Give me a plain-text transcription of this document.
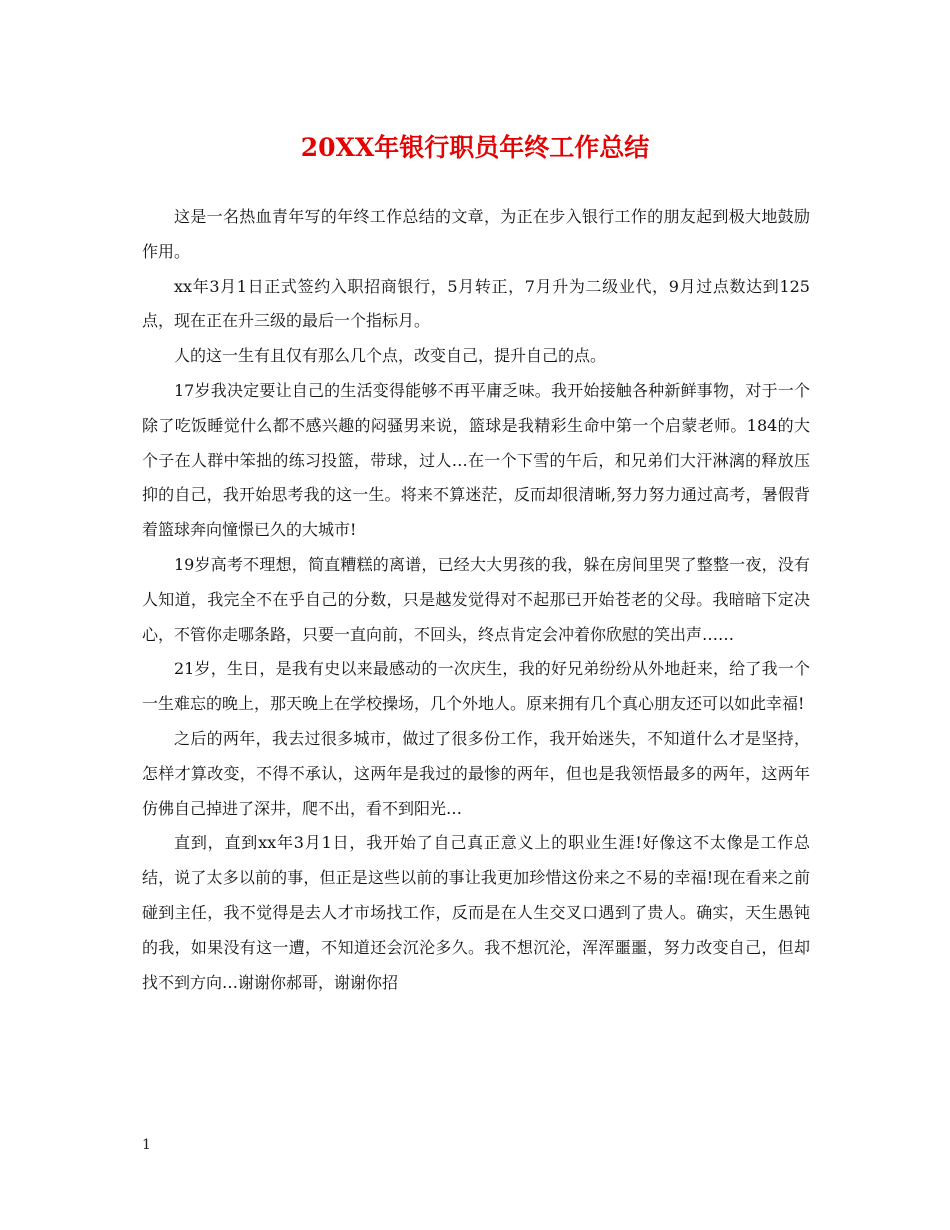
20XX年银行职员年终工作总结

这是一名热血青年写的年终工作总结的文章，为正在步入银行工作的朋友起到极大地鼓励作用。

xx年3月1日正式签约入职招商银行，5月转正，7月升为二级业代，9月过点数达到125点，现在正在升三级的最后一个指标月。

人的这一生有且仅有那么几个点，改变自己，提升自己的点。

17岁我决定要让自己的生活变得能够不再平庸乏味。我开始接触各种新鲜事物，对于一个除了吃饭睡觉什么都不感兴趣的闷骚男来说，篮球是我精彩生命中第一个启蒙老师。184的大个子在人群中笨拙的练习投篮，带球，过人…在一个下雪的午后，和兄弟们大汗淋漓的释放压抑的自己，我开始思考我的这一生。将来不算迷茫，反而却很清晰,努力努力通过高考，暑假背着篮球奔向憧憬已久的大城市!

19岁高考不理想，简直糟糕的离谱，已经大大男孩的我，躲在房间里哭了整整一夜，没有人知道，我完全不在乎自己的分数，只是越发觉得对不起那已开始苍老的父母。我暗暗下定决心，不管你走哪条路，只要一直向前，不回头，终点肯定会冲着你欣慰的笑出声……

21岁，生日，是我有史以来最感动的一次庆生，我的好兄弟纷纷从外地赶来，给了我一个一生难忘的晚上，那天晚上在学校操场，几个外地人。原来拥有几个真心朋友还可以如此幸福!

之后的两年，我去过很多城市，做过了很多份工作，我开始迷失，不知道什么才是坚持，怎样才算改变，不得不承认，这两年是我过的最惨的两年，但也是我领悟最多的两年，这两年仿佛自己掉进了深井，爬不出，看不到阳光…

直到，直到xx年3月1日，我开始了自己真正意义上的职业生涯!好像这不太像是工作总结，说了太多以前的事，但正是这些以前的事让我更加珍惜这份来之不易的幸福!现在看来之前碰到主任，我不觉得是去人才市场找工作，反而是在人生交叉口遇到了贵人。确实，天生愚钝的我，如果没有这一遭，不知道还会沉沦多久。我不想沉沦，浑浑噩噩，努力改变自己，但却找不到方向…谢谢你郝哥，谢谢你招

1
